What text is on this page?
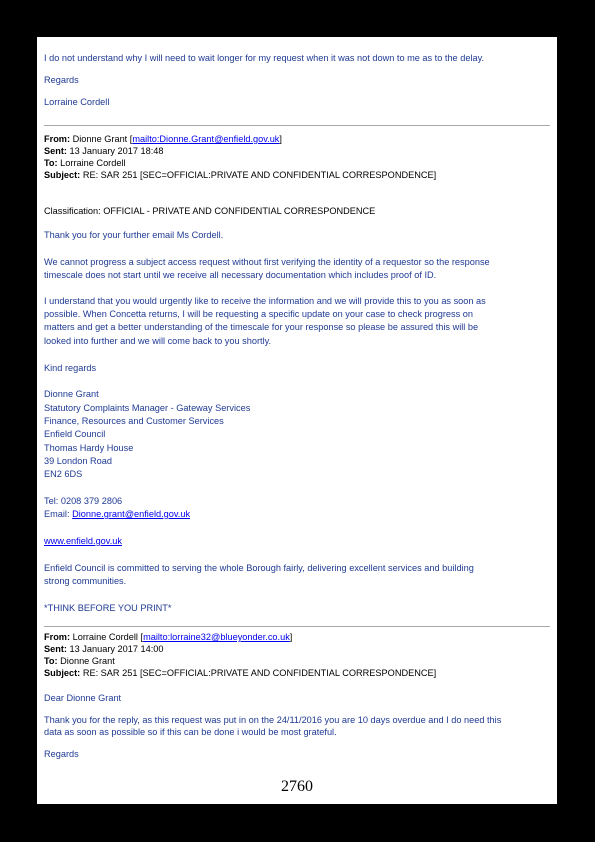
I do not understand why I will need to wait longer for my request when it was not down to me as to the delay.
Regards
Lorraine Cordell
From: Dionne Grant [mailto:Dionne.Grant@enfield.gov.uk]
Sent: 13 January 2017 18:48
To: Lorraine Cordell
Subject: RE: SAR 251 [SEC=OFFICIAL:PRIVATE AND CONFIDENTIAL CORRESPONDENCE]
Classification: OFFICIAL - PRIVATE AND CONFIDENTIAL CORRESPONDENCE
Thank you for your further email Ms Cordell.
We cannot progress a subject access request without first verifying the identity of a requestor so the response
timescale does not start until we receive all necessary documentation which includes proof of ID.
I understand that you would urgently like to receive the information and we will provide this to you as soon as
possible. When Concetta returns, I will be requesting a specific update on your case to check progress on
matters and get a better understanding of the timescale for your response so please be assured this will be
looked into further and we will come back to you shortly.
Kind regards
Dionne Grant
Statutory Complaints Manager - Gateway Services
Finance, Resources and Customer Services
Enfield Council
Thomas Hardy House
39 London Road
EN2 6DS
Tel: 0208 379 2806
Email: Dionne.grant@enfield.gov.uk
www.enfield.gov.uk
Enfield Council is committed to serving the whole Borough fairly, delivering excellent services and building
strong communities.
*THINK BEFORE YOU PRINT*
From: Lorraine Cordell [mailto:lorraine32@blueyonder.co.uk]
Sent: 13 January 2017 14:00
To: Dionne Grant
Subject: RE: SAR 251 [SEC=OFFICIAL:PRIVATE AND CONFIDENTIAL CORRESPONDENCE]
Dear Dionne Grant
Thank you for the reply, as this request was put in on the 24/11/2016 you are 10 days overdue and I do need this
data as soon as possible so if this can be done i would be most grateful.
Regards
2760
